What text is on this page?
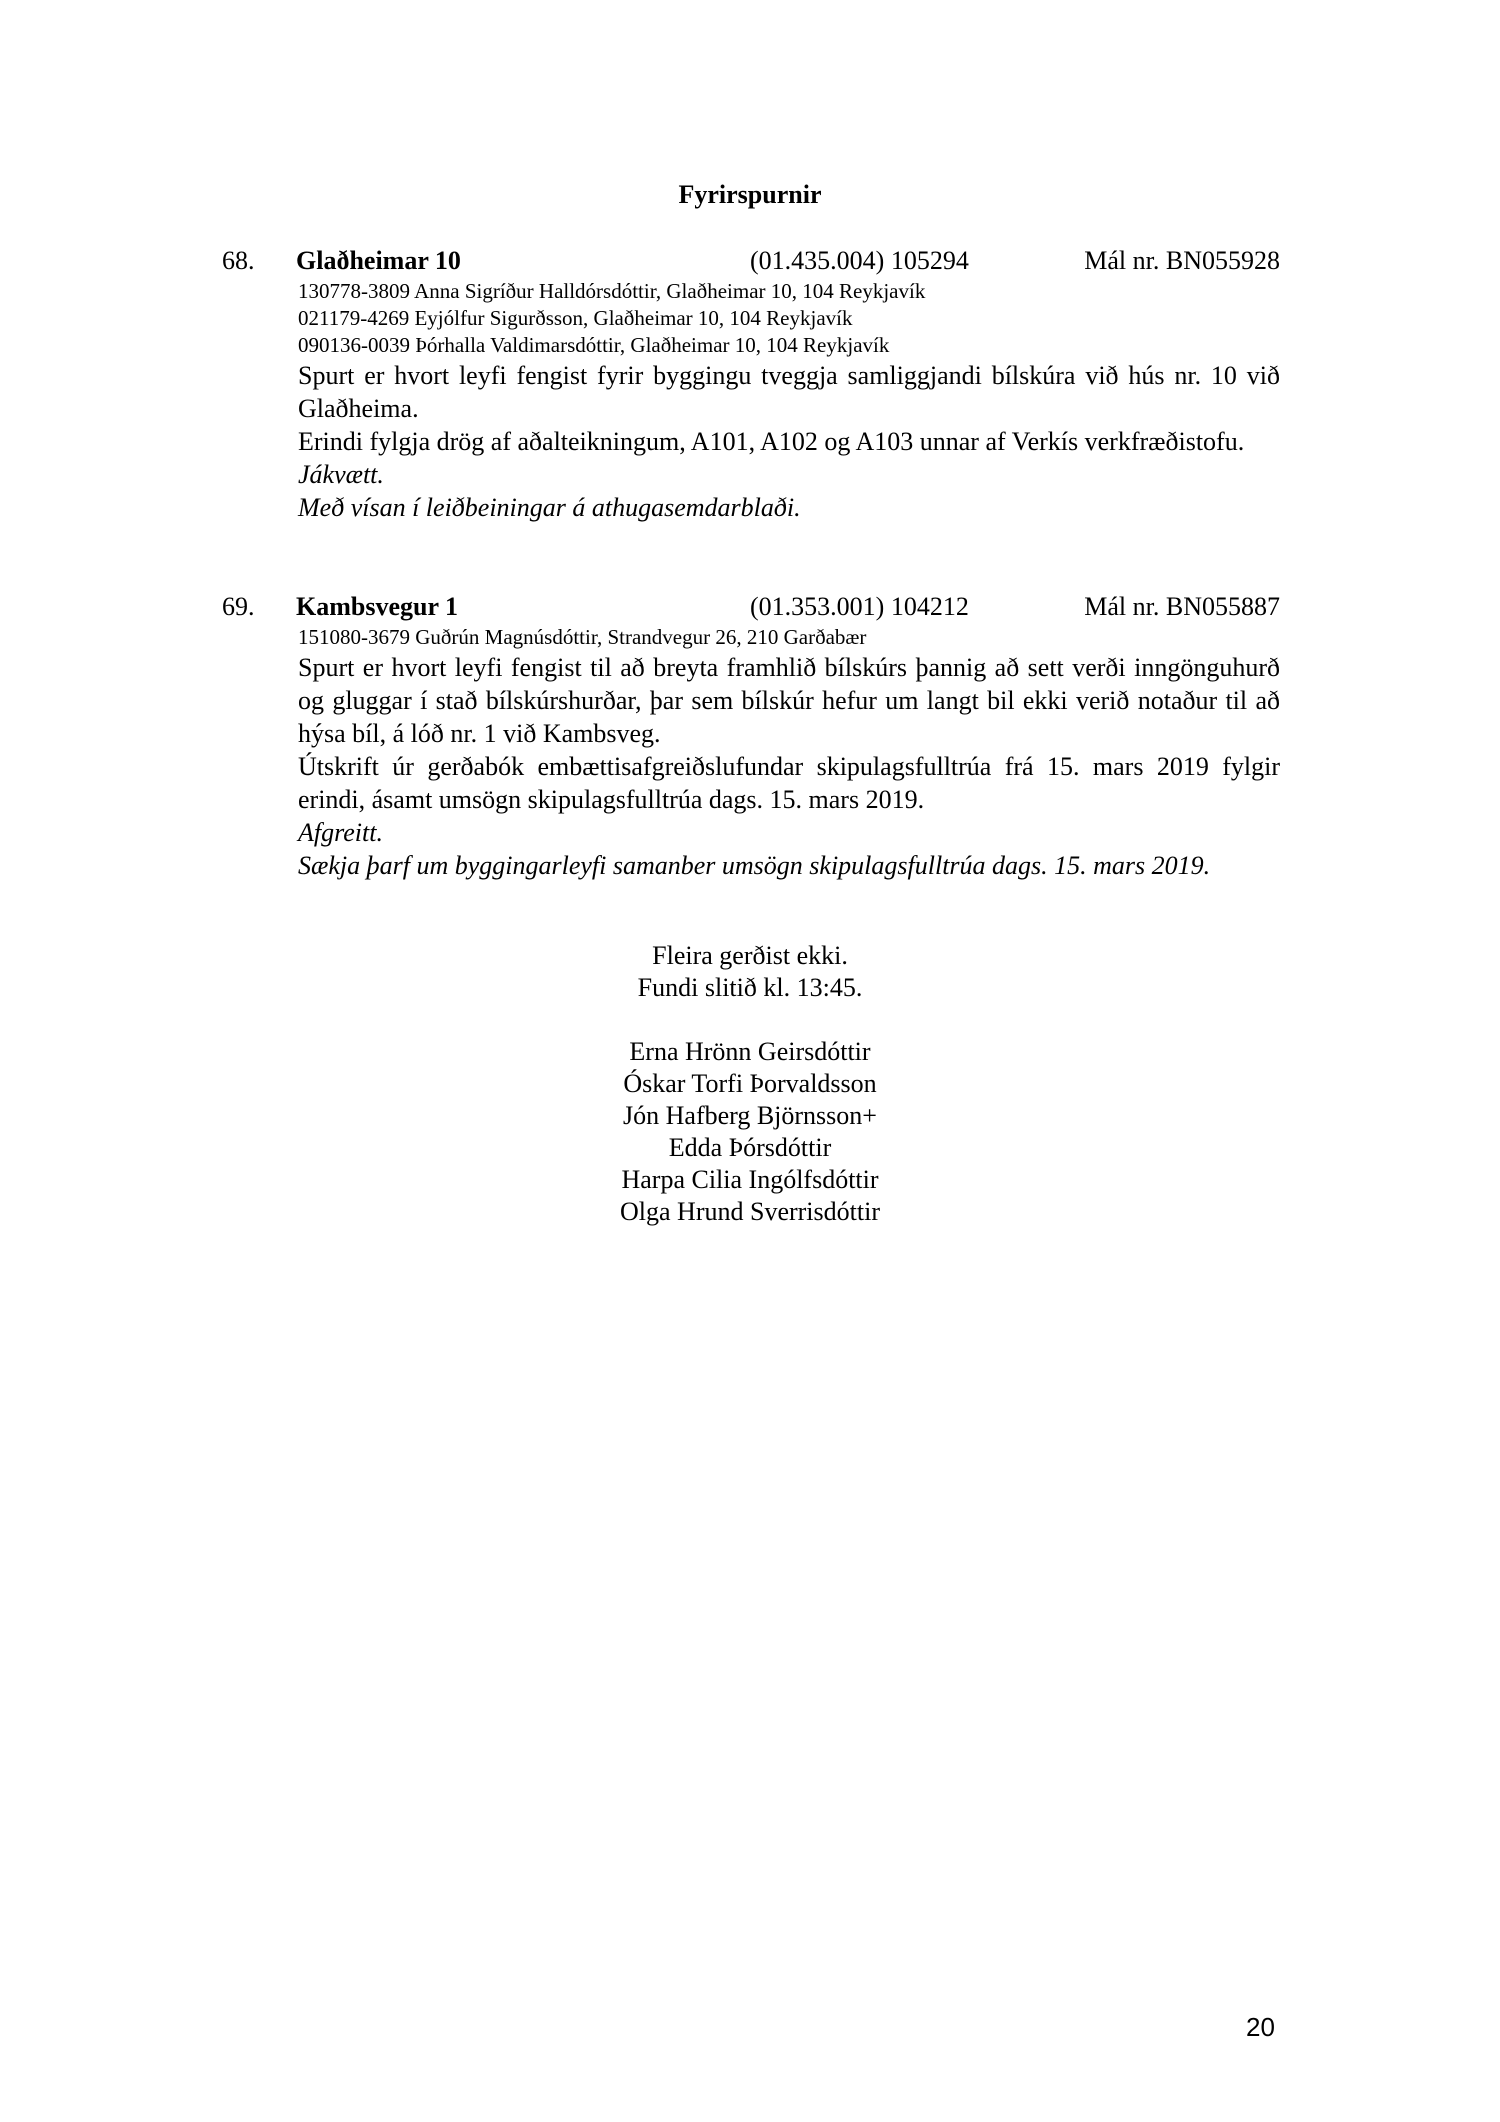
Fyrirspurnir
68. Glaðheimar 10	(01.435.004) 105294	Mál nr. BN055928
130778-3809 Anna Sigríður Halldórsdóttir, Glaðheimar 10, 104 Reykjavík
021179-4269 Eyjólfur Sigurðsson, Glaðheimar 10, 104 Reykjavík
090136-0039 Þórhalla Valdimarsdóttir, Glaðheimar 10, 104 Reykjavík
Spurt er hvort leyfi fengist fyrir byggingu tveggja samliggjandi bílskúra við hús nr. 10 við Glaðheima.
Erindi fylgja drög af aðalteikningum, A101, A102 og A103 unnar af Verkís verkfræðistofu.
Jákvætt.
Með vísan í leiðbeiningar á athugasemdarblaði.
69. Kambsvegur 1	(01.353.001) 104212	Mál nr. BN055887
151080-3679 Guðrún Magnúsdóttir, Strandvegur 26, 210 Garðabær
Spurt er hvort leyfi fengist til að breyta framhlið bílskúrs þannig að sett verði inngönguhurð og gluggar í stað bílskúrshurðar, þar sem bílskúr hefur um langt bil ekki verið notaður til að hýsa bíl, á lóð nr. 1 við Kambsveg.
Útskrift úr gerðabók embættisafgreiðslufundar skipulagsfulltrúa frá 15. mars 2019 fylgir erindi, ásamt umsögn skipulagsfulltrúa dags. 15. mars 2019.
Afgreitt.
Sækja þarf um byggingarleyfi samanber umsögn skipulagsfulltrúa dags. 15. mars 2019.
Fleira gerðist ekki.
Fundi slitið kl. 13:45.
Erna Hrönn Geirsdóttir
Óskar Torfi Þorvaldsson
Jón Hafberg Björnsson+
Edda Þórsdóttir
Harpa Cilia Ingólfsdóttir
Olga Hrund Sverrisdóttir
20
